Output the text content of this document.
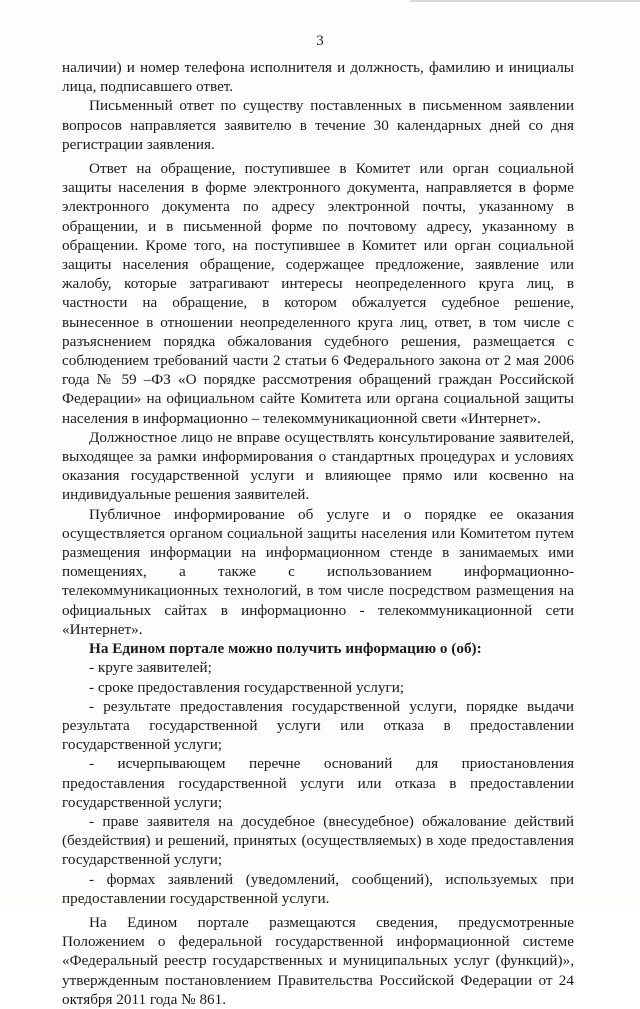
3

наличии) и номер телефона исполнителя и должность, фамилию и инициалы лица, подписавшего ответ.

Письменный ответ по существу поставленных в письменном заявлении вопросов направляется заявителю в течение 30 календарных дней со дня регистрации заявления.

Ответ на обращение, поступившее в Комитет или орган социальной защиты населения в форме электронного документа, направляется в форме электронного документа по адресу электронной почты, указанному в обращении, и в письменной форме по почтовому адресу, указанному в обращении. Кроме того, на поступившее в Комитет или орган социальной защиты населения обращение, содержащее предложение, заявление или жалобу, которые затрагивают интересы неопределенного круга лиц, в частности на обращение, в котором обжалуется судебное решение, вынесенное в отношении неопределенного круга лиц, ответ, в том числе с разъяснением порядка обжалования судебного решения, размещается с соблюдением требований части 2 статьи 6 Федерального закона от 2 мая 2006 года № 59 –ФЗ «О порядке рассмотрения обращений граждан Российской Федерации» на официальном сайте Комитета или органа социальной защиты населения в информационно – телекоммуникационной свети «Интернет».

Должностное лицо не вправе осуществлять консультирование заявителей, выходящее за рамки информирования о стандартных процедурах и условиях оказания государственной услуги и влияющее прямо или косвенно на индивидуальные решения заявителей.

Публичное информирование об услуге и о порядке ее оказания осуществляется органом социальной защиты населения или Комитетом путем размещения информации на информационном стенде в занимаемых ими помещениях, а также с использованием информационно-телекоммуникационных технологий, в том числе посредством размещения на официальных сайтах в информационно - телекоммуникационной сети «Интернет».

На Едином портале можно получить информацию о (об):

- круге заявителей;

- сроке предоставления государственной услуги;

- результате предоставления государственной услуги, порядке выдачи результата государственной услуги или отказа в предоставлении государственной услуги;

- исчерпывающем перечне оснований для приостановления предоставления государственной услуги или отказа в предоставлении государственной услуги;

- праве заявителя на досудебное (внесудебное) обжалование действий (бездействия) и решений, принятых (осуществляемых) в ходе предоставления государственной услуги;

- формах заявлений (уведомлений, сообщений), используемых при предоставлении государственной услуги.

На Едином портале размещаются сведения, предусмотренные Положением о федеральной государственной информационной системе «Федеральный реестр государственных и муниципальных услуг (функций)», утвержденным постановлением Правительства Российской Федерации от 24 октября 2011 года № 861.
